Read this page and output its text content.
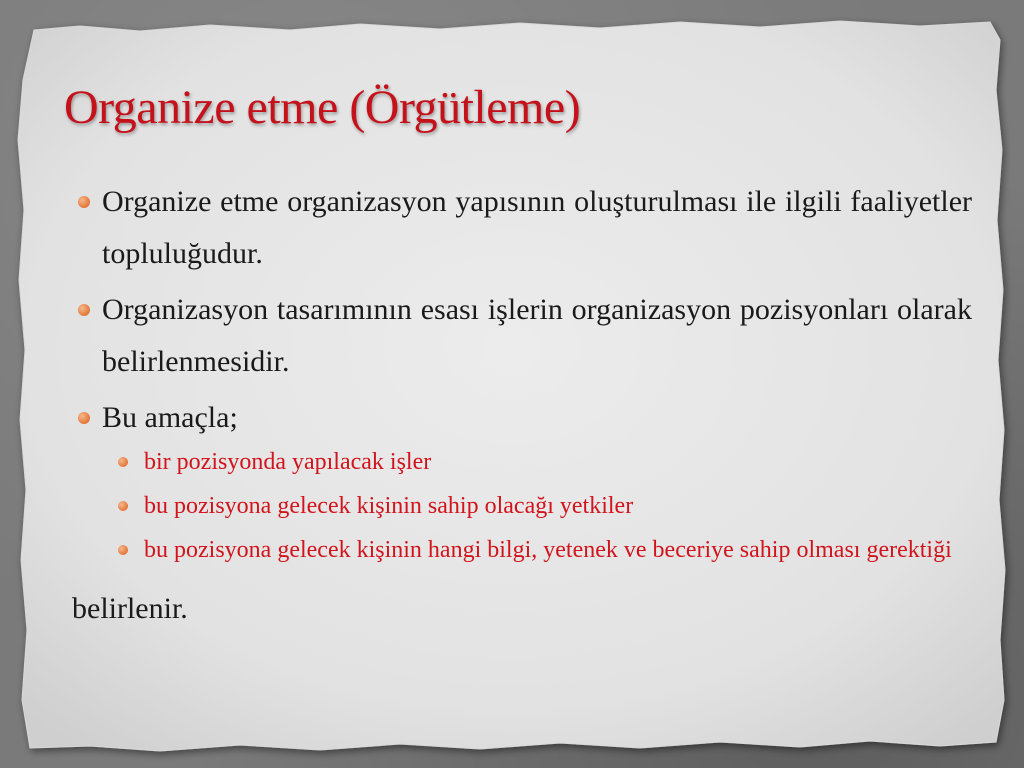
Organize etme (Örgütleme)

Organize etme organizasyon yapısının oluşturulması ile ilgili faaliyetler topluluğudur.

Organizasyon tasarımının esası işlerin organizasyon pozisyonları olarak belirlenmesidir.

Bu amaçla;

bir pozisyonda yapılacak işler

bu pozisyona gelecek kişinin sahip olacağı yetkiler

bu pozisyona gelecek kişinin hangi bilgi, yetenek ve beceriye sahip olması gerektiği

belirlenir.
